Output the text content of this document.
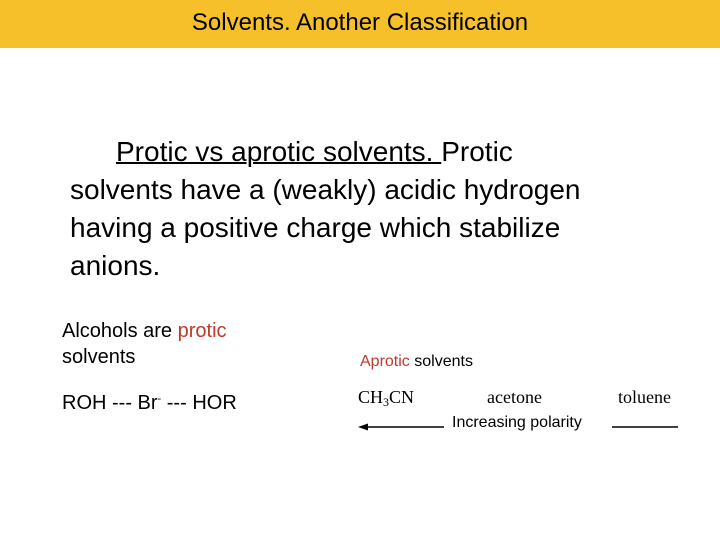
Solvents. Another Classification
Protic vs aprotic solvents. Protic
solvents have a (weakly) acidic hydrogen
having a positive charge which stabilize
anions.
Alcohols are protic
solvents
ROH --- Br- --- HOR
Aprotic solvents
$CH_3CN$	acetone	toluene
Increasing polarity
